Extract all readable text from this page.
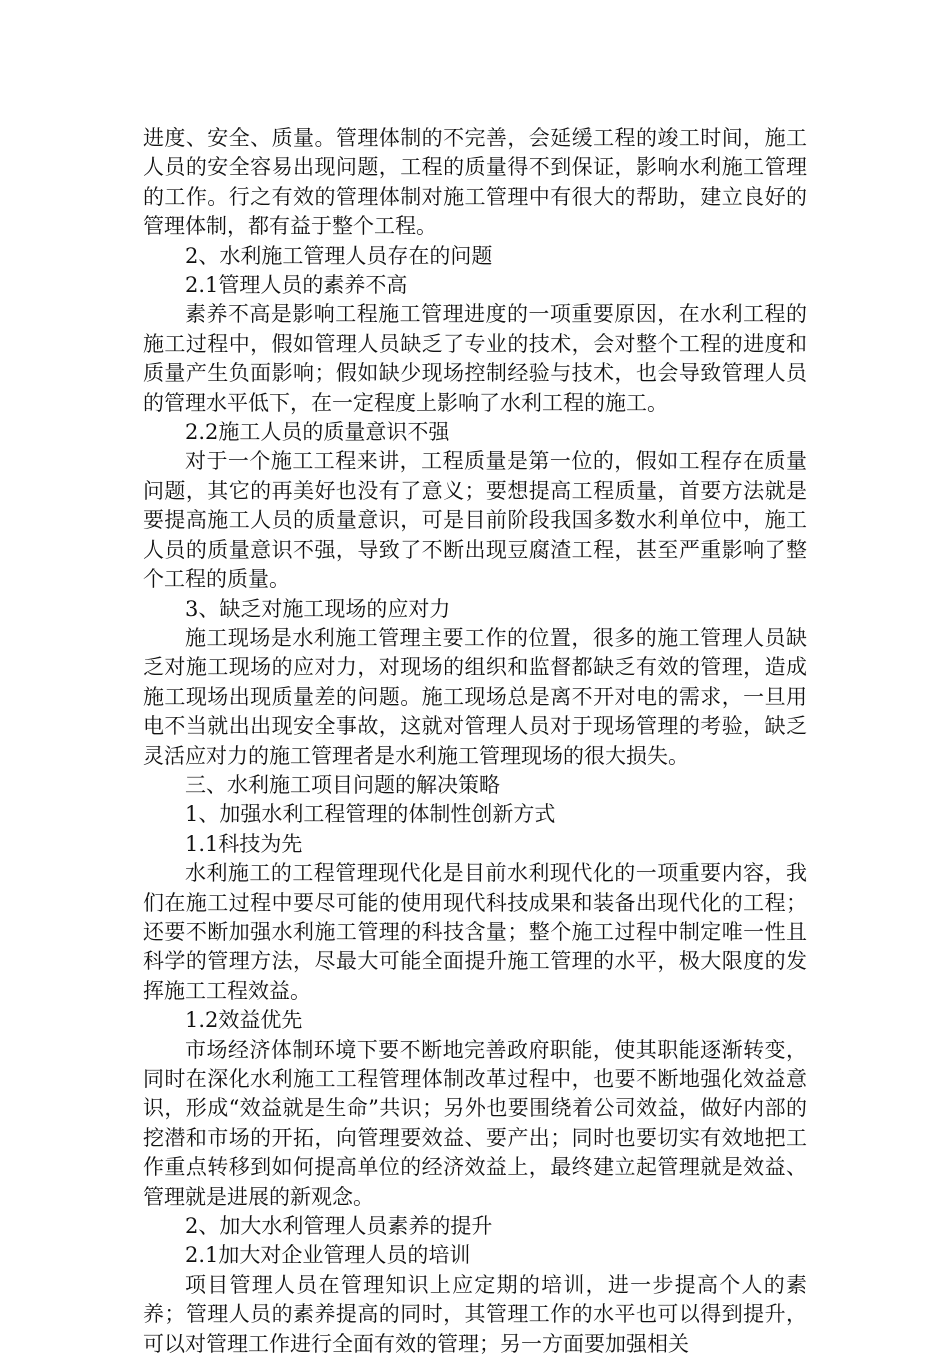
进度、安全、质量。管理体制的不完善，会延缓工程的竣工时间，施工人员的安全容易出现问题，工程的质量得不到保证，影响水利施工管理的工作。行之有效的管理体制对施工管理中有很大的帮助，建立良好的管理体制，都有益于整个工程。

2、水利施工管理人员存在的问题

2.1管理人员的素养不高

素养不高是影响工程施工管理进度的一项重要原因，在水利工程的施工过程中，假如管理人员缺乏了专业的技术，会对整个工程的进度和质量产生负面影响；假如缺少现场控制经验与技术，也会导致管理人员的管理水平低下，在一定程度上影响了水利工程的施工。

2.2施工人员的质量意识不强

对于一个施工工程来讲，工程质量是第一位的，假如工程存在质量问题，其它的再美好也没有了意义；要想提高工程质量，首要方法就是要提高施工人员的质量意识，可是目前阶段我国多数水利单位中，施工人员的质量意识不强，导致了不断出现豆腐渣工程，甚至严重影响了整个工程的质量。

3、缺乏对施工现场的应对力

施工现场是水利施工管理主要工作的位置，很多的施工管理人员缺乏对施工现场的应对力，对现场的组织和监督都缺乏有效的管理，造成施工现场出现质量差的问题。施工现场总是离不开对电的需求，一旦用电不当就出出现安全事故，这就对管理人员对于现场管理的考验，缺乏灵活应对力的施工管理者是水利施工管理现场的很大损失。

三、水利施工项目问题的解决策略

1、加强水利工程管理的体制性创新方式

1.1科技为先

水利施工的工程管理现代化是目前水利现代化的一项重要内容，我们在施工过程中要尽可能的使用现代科技成果和装备出现代化的工程；还要不断加强水利施工管理的科技含量；整个施工过程中制定唯一性且科学的管理方法，尽最大可能全面提升施工管理的水平，极大限度的发挥施工工程效益。

1.2效益优先

市场经济体制环境下要不断地完善政府职能，使其职能逐渐转变，同时在深化水利施工工程管理体制改革过程中，也要不断地强化效益意识，形成“效益就是生命”共识；另外也要围绕着公司效益，做好内部的挖潜和市场的开拓，向管理要效益、要产出；同时也要切实有效地把工作重点转移到如何提高单位的经济效益上，最终建立起管理就是效益、管理就是进展的新观念。

2、加大水利管理人员素养的提升

2.1加大对企业管理人员的培训

项目管理人员在管理知识上应定期的培训，进一步提高个人的素养；管理人员的素养提高的同时，其管理工作的水平也可以得到提升，可以对管理工作进行全面有效的管理；另一方面要加强相关
